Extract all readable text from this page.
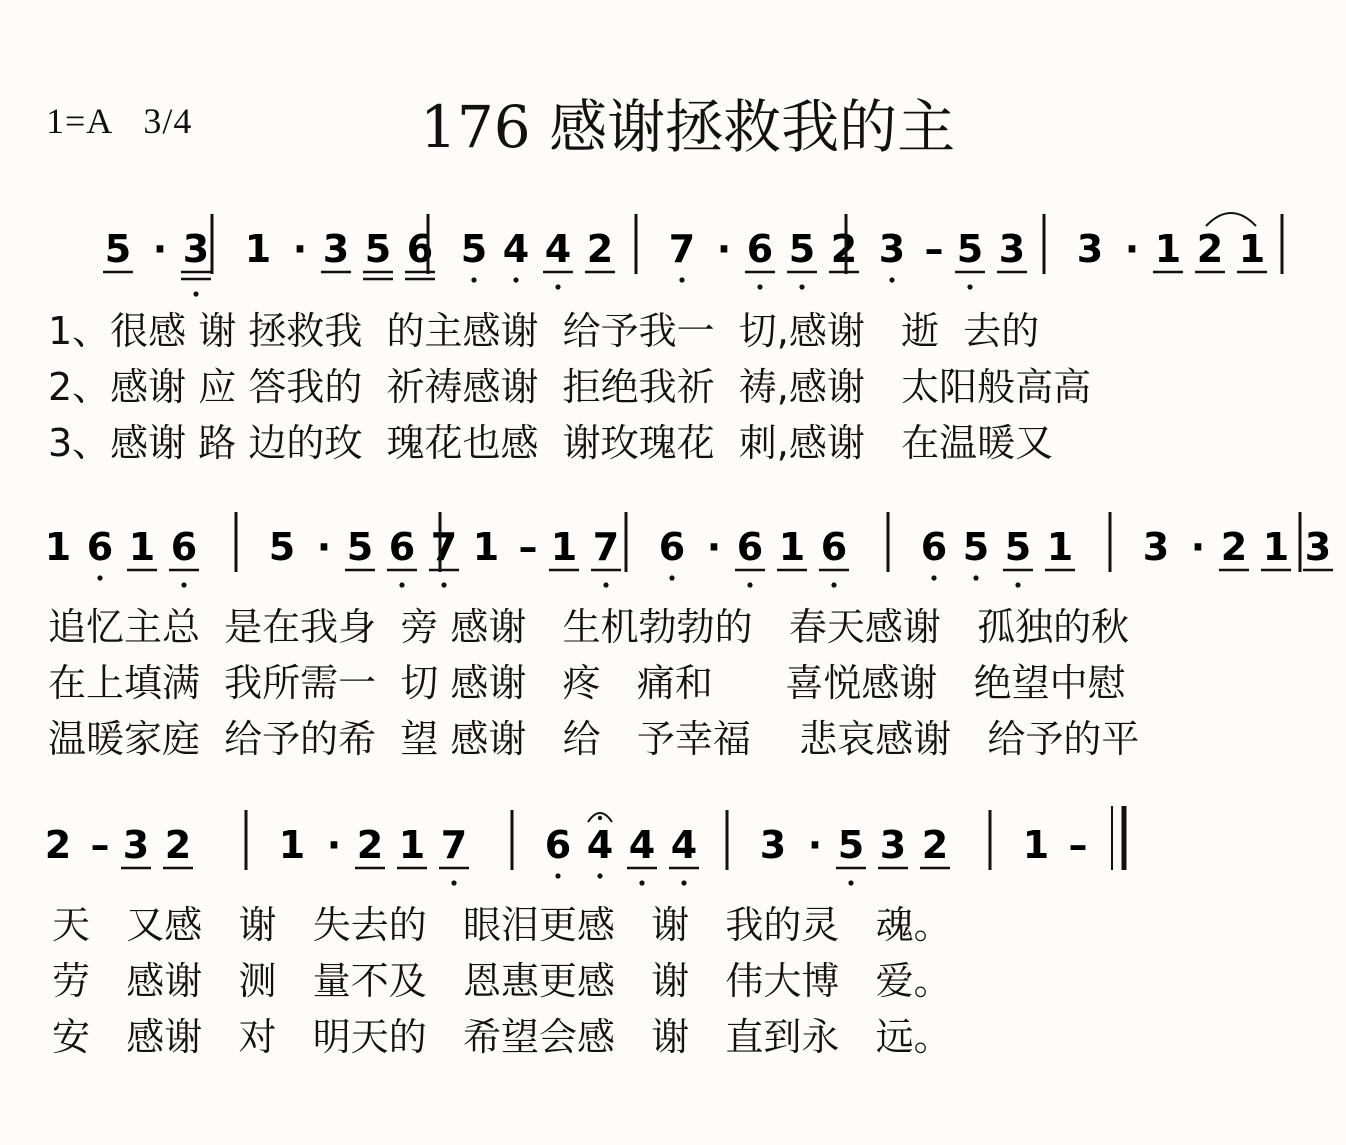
1=A 3/4	176 感谢拯救我的主
5 · 3 1 · 3 5 6 5 4 4 2 7 · 6 5 2 3 – 5 3 3 · 1 2 1
1 6 1 6 5 · 5 6 7 1 – 1 7 6 · 6 1 6 6 5 5 1 3 · 2 1 3
2 – 3 2 1 · 2 1 7 6 4 4 4 3 · 5 3 2 1 –
1、很感 谢 拯救我  的主感谢  给予我一  切,感谢   逝  去的
2、感谢 应 答我的  祈祷感谢  拒绝我祈  祷,感谢   太阳般高高
3、感谢 路 边的玫  瑰花也感  谢玫瑰花  刺,感谢   在温暖又
追忆主总  是在我身  旁 感谢   生机勃勃的   春天感谢   孤独的秋
在上填满  我所需一  切 感谢   疼   痛和      喜悦感谢   绝望中慰
温暖家庭  给予的希  望 感谢   给   予幸福    悲哀感谢   给予的平
天   又感   谢   失去的   眼泪更感   谢   我的灵   魂。
劳   感谢   测   量不及   恩惠更感   谢   伟大博   爱。
安   感谢   对   明天的   希望会感   谢   直到永   远。
